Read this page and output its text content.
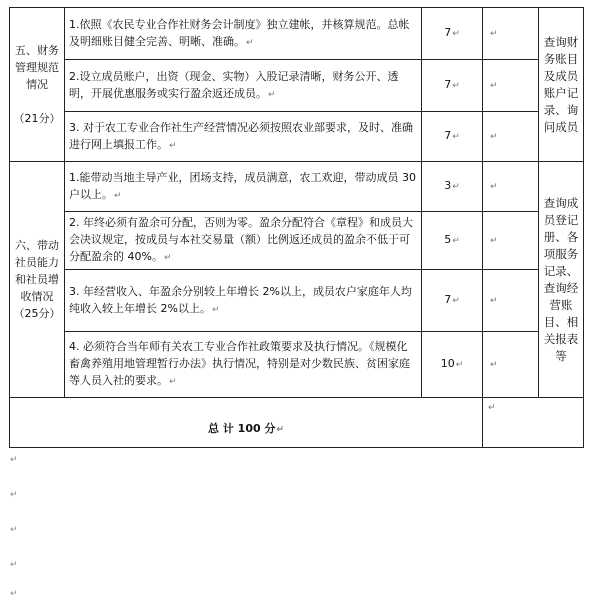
五、财务
管理规范
情况

（21分）	1.依照《农民专业合作社财务会计制度》独立建帐，并核算规范。总帐及明细账目健全完善、明晰、准确。↵	7↵	↵	查询财务账目及成员账户记录、询问成员

	2.设立成员账户，出资（现金、实物）入股记录清晰，财务公开、透明，开展优惠服务或实行盈余返还成员。↵	7↵	↵	
	3. 对于农工专业合作社生产经营情况必须按照农业部要求，及时、准确进行网上填报工作。↵	7↵	↵	

六、带动
社员能力
和社员增
收情况
（25分）	1.能带动当地主导产业，团场支持，成员满意，农工欢迎，带动成员 30 户以上。↵	3↵	↵	查询成员登记册、各项服务记录、查询经营账目、相关报表等

	2. 年终必须有盈余可分配，否则为零。盈余分配符合《章程》和成员大会决议规定，按成员与本社交易量（额）比例返还成员的盈余不低于可分配盈余的 40%。↵	5↵	↵	
	3. 年经营收入、年盈余分别较上年增长 2%以上，成员农户家庭年人均纯收入较上年增长 2%以上。↵	7↵	↵	
	4. 必须符合当年师有关农工专业合作社政策要求及执行情况。《规模化畜禽养殖用地管理暂行办法》执行情况，特别是对少数民族、贫困家庭等人员入社的要求。↵	10↵	↵	
总 计 100 分↵			↵	
↵
↵
↵
↵
↵
